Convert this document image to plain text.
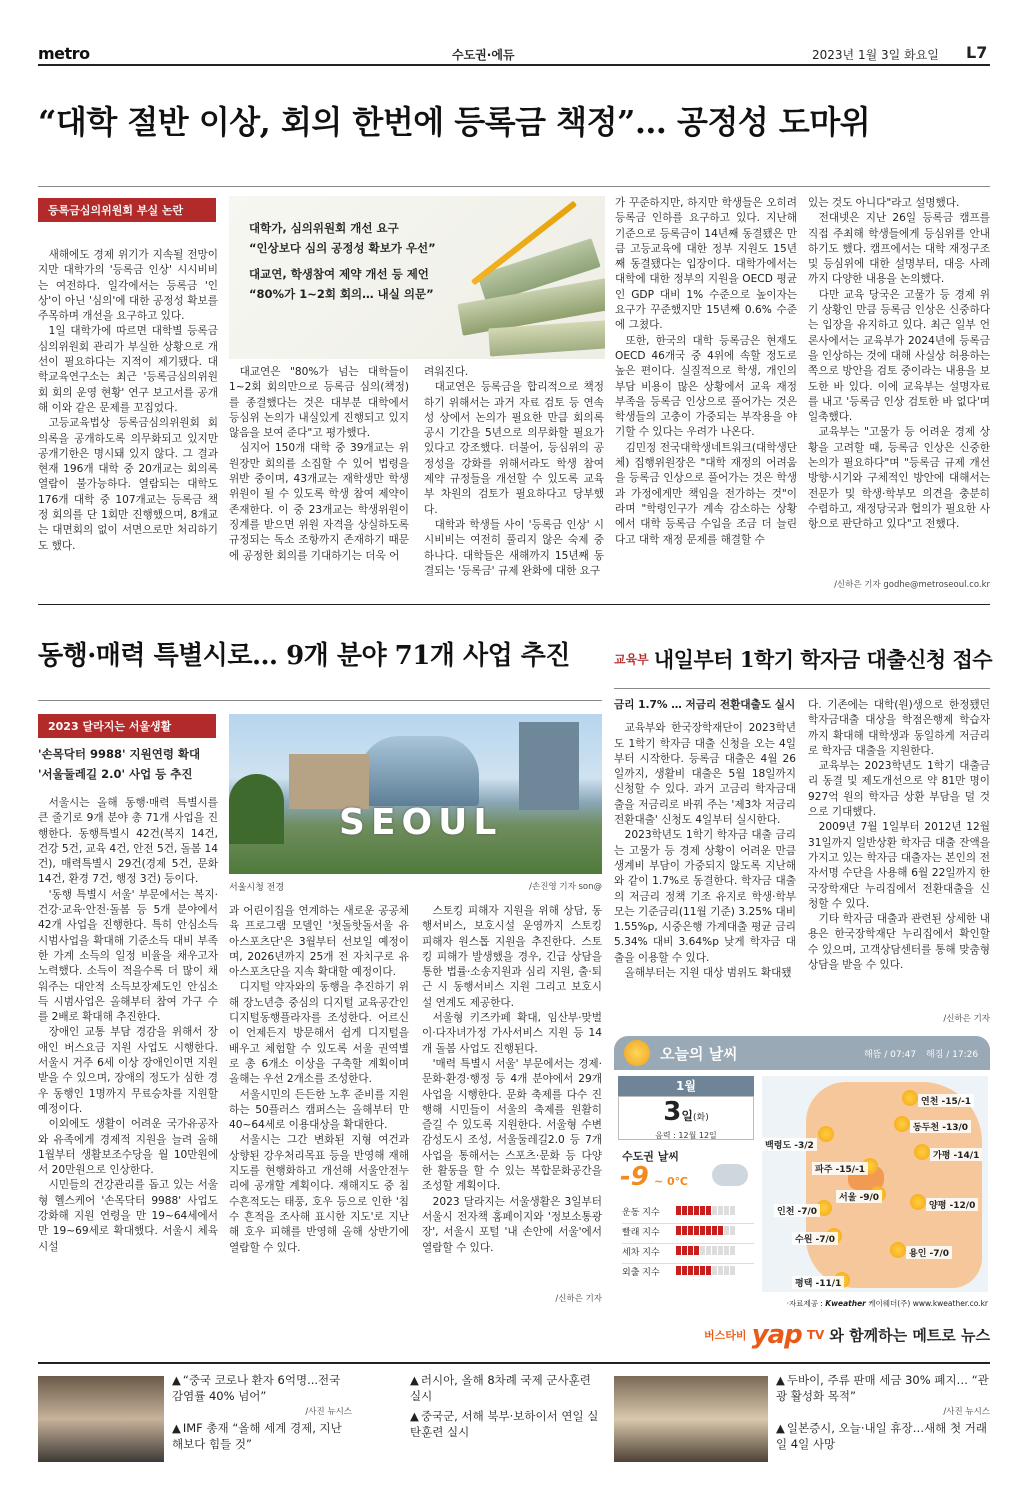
metro	수도권·에듀	2023년 1월 3일 화요일 L7
“대학 절반 이상, 회의 한번에 등록금 책정”… 공정성 도마위
등록금심의위원회 부실 논란

새해에도 경제 위기가 지속될 전망이지만 대학가의 '등록금 인상' 시시비비는 여전하다. 일각에서는 등록금 '인상'이 아닌 '심의'에 대한 공정성 확보를 주목하며 개선을 요구하고 있다.

1일 대학가에 따르면 대학별 등록금 심의위원회 관리가 부실한 상황으로 개선이 필요하다는 지적이 제기됐다. 대학교육연구소는 최근 '등록금심의위원회 회의 운영 현황' 연구 보고서를 공개해 이와 같은 문제를 꼬집었다.

고등교육법상 등록금심의위원회 회의록을 공개하도록 의무화되고 있지만 공개기한은 명시돼 있지 않다. 그 결과 현재 196개 대학 중 20개교는 회의록 열람이 불가능하다. 열람되는 대학도 176개 대학 중 107개교는 등록금 책정 회의를 단 1회만 진행했으며, 8개교는 대면회의 없이 서면으로만 처리하기도 했다.

대학가, 심의위원회 개선 요구
“인상보다 심의 공정성 확보가 우선”
대교연, 학생참여 제약 개선 등 제언
“80%가 1~2회 회의… 내실 의문”

대교연은 "80%가 넘는 대학들이 1~2회 회의만으로 등록금 심의(책정)를 종결했다는 것은 대부분 대학에서 등심위 논의가 내실있게 진행되고 있지 않음을 보여 준다"고 평가했다.

심지어 150개 대학 중 39개교는 위원장만 회의를 소집할 수 있어 법령을 위반 중이며, 43개교는 재학생만 학생위원이 될 수 있도록 학생 참여 제약이 존재한다. 이 중 23개교는 학생위원이 징계를 받으면 위원 자격을 상실하도록 규정되는 독소 조항까지 존재하기 때문에 공정한 회의를 기대하기는 더욱 어

려워진다.

대교연은 등록금을 합리적으로 책정하기 위해서는 과거 자료 검토 등 연속성 상에서 논의가 필요한 만큼 회의록 공시 기간을 5년으로 의무화할 필요가 있다고 강조했다. 더불어, 등심위의 공정성을 강화를 위해서라도 학생 참여 제약 규정들을 개선할 수 있도록 교육부 차원의 검토가 필요하다고 당부했다.

대학과 학생들 사이 '등록금 인상' 시시비비는 여전히 풀리지 않은 숙제 중 하나다. 대학들은 새해까지 15년째 동결되는 '등록금' 규제 완화에 대한 요구

가 꾸준하지만, 하지만 학생들은 오히려 등록금 인하를 요구하고 있다. 지난해 기준으로 등록금이 14년째 동결됐은 만큼 고등교육에 대한 정부 지원도 15년째 동결됐다는 입장이다. 대학가에서는 대학에 대한 정부의 지원을 OECD 평균인 GDP 대비 1% 수준으로 높이자는 요구가 꾸준했지만 15년째 0.6% 수준에 그쳤다.

또한, 한국의 대학 등록금은 현재도 OECD 46개국 중 4위에 속할 정도로 높은 편이다. 실질적으로 학생, 개인의 부담 비용이 많은 상황에서 교육 재정 부족을 등록금 인상으로 풀어가는 것은 학생들의 고충이 가중되는 부작용을 야기할 수 있다는 우려가 나온다.

김민정 전국대학생네트워크(대학생단체) 집행위원장은 "대학 재정의 어려움을 등록금 인상으로 풀어가는 것은 학생과 가정에게만 책임을 전가하는 것"이라며 "학령인구가 계속 감소하는 상황에서 대학 등록금 수입을 조금 더 늘린다고 대학 재정 문제를 해결할 수

있는 것도 아니다"라고 설명했다.

전대넷은 지난 26일 등록금 캠프를 직접 주최해 학생들에게 등심위를 안내하기도 했다. 캠프에서는 대학 재정구조 및 등심위에 대한 설명부터, 대응 사례까지 다양한 내용을 논의했다.

다만 교육 당국은 고물가 등 경제 위기 상황인 만큼 등록금 인상은 신중하다는 입장을 유지하고 있다. 최근 일부 언론사에서는 교육부가 2024년에 등록금을 인상하는 것에 대해 사실상 허용하는 쪽으로 방안을 검토 중이라는 내용을 보도한 바 있다. 이에 교육부는 설명자료를 내고 '등록금 인상 검토한 바 없다'며 일축했다.

교육부는 "고물가 등 어려운 경제 상황을 고려할 때, 등록금 인상은 신중한 논의가 필요하다"며 "등록금 규제 개선 방향·시기와 구체적인 방안에 대해서는 전문가 및 학생·학부모 의견을 충분히 수렴하고, 재정당국과 협의가 필요한 사항으로 판단하고 있다"고 전했다.

/신하은 기자 godhe@metroseoul.co.kr
동행·매력 특별시로… 9개 분야 71개 사업 추진	교육부 내일부터 1학기 학자금 대출신청 접수
2023 달라지는 서울생활
'손목닥터 9988' 지원연령 확대
'서울둘레길 2.0' 사업 등 추진

서울시는 올해 동행·매력 특별시를 큰 줄기로 9개 분야 총 71개 사업을 진행한다. 동행특별시 42건(복지 14건, 건강 5건, 교육 4건, 안전 5건, 돌봄 14건), 매력특별시 29건(경제 5건, 문화 14건, 환경 7건, 행정 3건) 등이다.

'동행 특별시 서울' 부문에서는 복지·건강·교육·안전·돌봄 등 5개 분야에서 42개 사업을 진행한다. 특히 안심소득 시범사업을 확대해 기준소득 대비 부족한 가계 소득의 일정 비율을 채우고자 노력했다. 소득이 적을수록 더 많이 채워주는 대안적 소득보장제도인 안심소득 시범사업은 올해부터 참여 가구 수를 2배로 확대해 추진한다.

장애인 교통 부담 경감을 위해서 장애인 버스요금 지원 사업도 시행한다. 서울시 거주 6세 이상 장애인이면 지원받을 수 있으며, 장애의 정도가 심한 경우 동행인 1명까지 무료승차를 지원할 예정이다.

이외에도 생활이 어려운 국가유공자와 유족에게 경제적 지원을 늘려 올해 1월부터 생활보조수당을 월 10만원에서 20만원으로 인상한다.

시민들의 건강관리를 돕고 있는 서울형 헬스케어 '손목닥터 9988' 사업도 강화해 지원 연령을 만 19~64세에서 만 19~69세로 확대했다. 서울시 체육시설

SEOUL
서울시청 전경	/손진영 기자 son@

과 어린이집을 연계하는 새로운 공공체육 프로그램 모델인 '첫돌핫돌서울 유아스포츠단'은 3월부터 선보일 예정이며, 2026년까지 25개 전 자치구로 유아스포츠단을 지속 확대할 예정이다.

디지털 약자와의 동행을 추진하기 위해 장노년층 중심의 디지털 교육공간인 디지털동행플라자를 조성한다. 어르신이 언제든지 방문해서 쉽게 디지털을 배우고 체험할 수 있도록 서울 권역별로 총 6개소 이상을 구축할 계획이며 올해는 우선 2개소를 조성한다.

서울시민의 든든한 노후 준비를 지원하는 50플러스 캠퍼스는 올해부터 만 40~64세로 이용대상을 확대한다.

서울시는 그간 변화된 지형 여건과 상향된 강우처리목표 등을 반영해 재해지도를 현행화하고 개선해 서울안전누리에 공개할 계획이다. 재해지도 중 침수흔적도는 태풍, 호우 등으로 인한 '침수 흔적을 조사해 표시한 지도'로 지난해 호우 피해를 반영해 올해 상반기에 열람할 수 있다.

스토킹 피해자 지원을 위해 상담, 동행서비스, 보호시설 운영까지 스토킹 피해자 원스톱 지원을 추진한다. 스토킹 피해가 발생했을 경우, 긴급 상담을 통한 법률·소송지원과 심리 지원, 출·퇴근 시 동행서비스 지원 그리고 보호시설 연계도 제공한다.

서울형 키즈카페 확대, 임산부·맞벌이·다자녀가정 가사서비스 지원 등 14개 돌봄 사업도 진행된다.

'매력 특별시 서울' 부문에서는 경제·문화·환경·행정 등 4개 분야에서 29개 사업을 시행한다. 문화 축제를 다수 진행해 시민들이 서울의 축제를 원활히 즐길 수 있도록 지원한다. 서울형 수변감성도시 조성, 서울둘레길2.0 등 7개 사업을 통해서는 스포츠·문화 등 다양한 활동을 할 수 있는 복합문화공간을 조성할 계획이다.

2023 달라지는 서울생활은 3일부터 서울시 전자책 홈페이지와 '정보소통광장', 서울시 포털 '내 손안에 서울'에서 열람할 수 있다.

/신하은 기자

금리 1.7% … 저금리 전환대출도 실시

교육부와 한국장학재단이 2023학년도 1학기 학자금 대출 신청을 오는 4일부터 시작한다. 등록금 대출은 4월 26일까지, 생활비 대출은 5월 18일까지 신청할 수 있다. 과거 고금리 학자금대출을 저금리로 바꿔 주는 '제3차 저금리 전환대출' 신청도 4일부터 실시한다.

2023학년도 1학기 학자금 대출 금리는 고물가 등 경제 상황이 어려운 만큼 생계비 부담이 가중되지 않도록 지난해와 같이 1.7%로 동결한다. 학자금 대출의 저금리 정책 기조 유지로 학생·학부모는 기준금리(11월 기준) 3.25% 대비 1.55%p, 시중은행 가계대출 평균 금리 5.34% 대비 3.64%p 낮게 학자금 대출을 이용할 수 있다.

올해부터는 지원 대상 범위도 확대됐

다. 기존에는 대학(원)생으로 한정됐던 학자금대출 대상을 학점은행제 학습자까지 확대해 대학생과 동일하게 저금리로 학자금 대출을 지원한다.

교육부는 2023학년도 1학기 대출금리 동결 및 제도개선으로 약 81만 명이 927억 원의 학자금 상환 부담을 덜 것으로 기대했다.

2009년 7월 1일부터 2012년 12월 31일까지 일반상환 학자금 대출 잔액을 가지고 있는 학자금 대출자는 본인의 전자서명 수단을 사용해 6월 22일까지 한국장학재단 누리집에서 전환대출을 신청할 수 있다.

기타 학자금 대출과 관련된 상세한 내용은 한국장학재단 누리집에서 확인할 수 있으며, 고객상담센터를 통해 맞춤형 상담을 받을 수 있다.

/신하은 기자
오늘의 날씨	해뜸 / 07:47 해짐 / 17:26
1월
3일(화)
음력 : 12월 12일
수도권 날씨
-9 ~ 0℃
운동 지수
빨래 지수
세차 지수
외출 지수
연천 -15/-1
동두천 -13/0
가평 -14/1
백령도 -3/2
파주 -15/-1
서울 -9/0
양평 -12/0
인천 -7/0
수원 -7/0
용인 -7/0
평택 -11/1
·자료제공 : Kweather 케이웨더(주) www.kweather.co.kr
버스타비 yap TV 와 함께하는 메트로 뉴스
▲ “중국 코로나 환자 6억명...전국 감염률 40% 넘어”
/사진 뉴시스
▲ IMF 총재 “올해 세계 경제, 지난해보다 힘들 것”
▲ 러시아, 올해 8차례 국제 군사훈련 실시
▲ 중국군, 서해 북부·보하이서 연일 실탄훈련 실시
▲ 두바이, 주류 판매 세금 30% 폐지… “관광 활성화 목적”
/사진 뉴시스
▲ 일본증시, 오늘·내일 휴장…새해 첫 거래일 4일 사망
